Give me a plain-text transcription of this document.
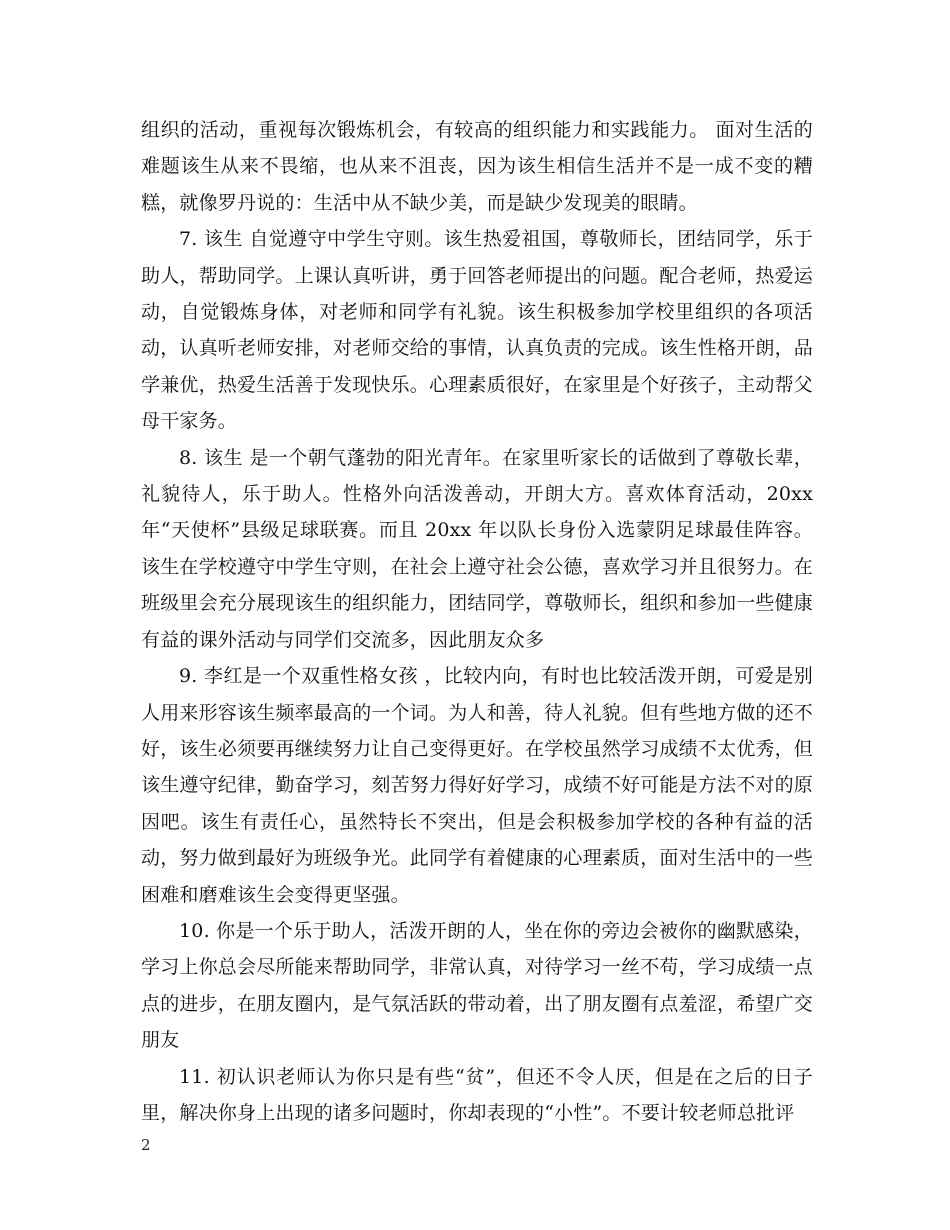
组织的活动，重视每次锻炼机会，有较高的组织能力和实践能力。 面对生活的难题该生从来不畏缩，也从来不沮丧，因为该生相信生活并不是一成不变的糟糕，就像罗丹说的：生活中从不缺少美，而是缺少发现美的眼睛。

7. 该生 自觉遵守中学生守则。该生热爱祖国，尊敬师长，团结同学，乐于助人，帮助同学。上课认真听讲，勇于回答老师提出的问题。配合老师，热爱运动，自觉锻炼身体，对老师和同学有礼貌。该生积极参加学校里组织的各项活动，认真听老师安排，对老师交给的事情，认真负责的完成。该生性格开朗，品学兼优，热爱生活善于发现快乐。心理素质很好，在家里是个好孩子，主动帮父母干家务。

8. 该生 是一个朝气蓬勃的阳光青年。在家里听家长的话做到了尊敬长辈，礼貌待人，乐于助人。性格外向活泼善动，开朗大方。喜欢体育活动，20xx 年“天使杯”县级足球联赛。而且 20xx 年以队长身份入选蒙阴足球最佳阵容。该生在学校遵守中学生守则，在社会上遵守社会公德，喜欢学习并且很努力。在班级里会充分展现该生的组织能力，团结同学，尊敬师长，组织和参加一些健康有益的课外活动与同学们交流多，因此朋友众多

9. 李红是一个双重性格女孩 ，比较内向，有时也比较活泼开朗，可爱是别人用来形容该生频率最高的一个词。为人和善，待人礼貌。但有些地方做的还不好，该生必须要再继续努力让自己变得更好。在学校虽然学习成绩不太优秀，但该生遵守纪律，勤奋学习，刻苦努力得好好学习，成绩不好可能是方法不对的原因吧。该生有责任心，虽然特长不突出，但是会积极参加学校的各种有益的活动，努力做到最好为班级争光。此同学有着健康的心理素质，面对生活中的一些困难和磨难该生会变得更坚强。

10. 你是一个乐于助人，活泼开朗的人，坐在你的旁边会被你的幽默感染，学习上你总会尽所能来帮助同学，非常认真，对待学习一丝不苟，学习成绩一点点的进步，在朋友圈内，是气氛活跃的带动着，出了朋友圈有点羞涩，希望广交朋友

11. 初认识老师认为你只是有些“贫”，但还不令人厌，但是在之后的日子里，解决你身上出现的诸多问题时，你却表现的“小性”。不要计较老师总批评

2
